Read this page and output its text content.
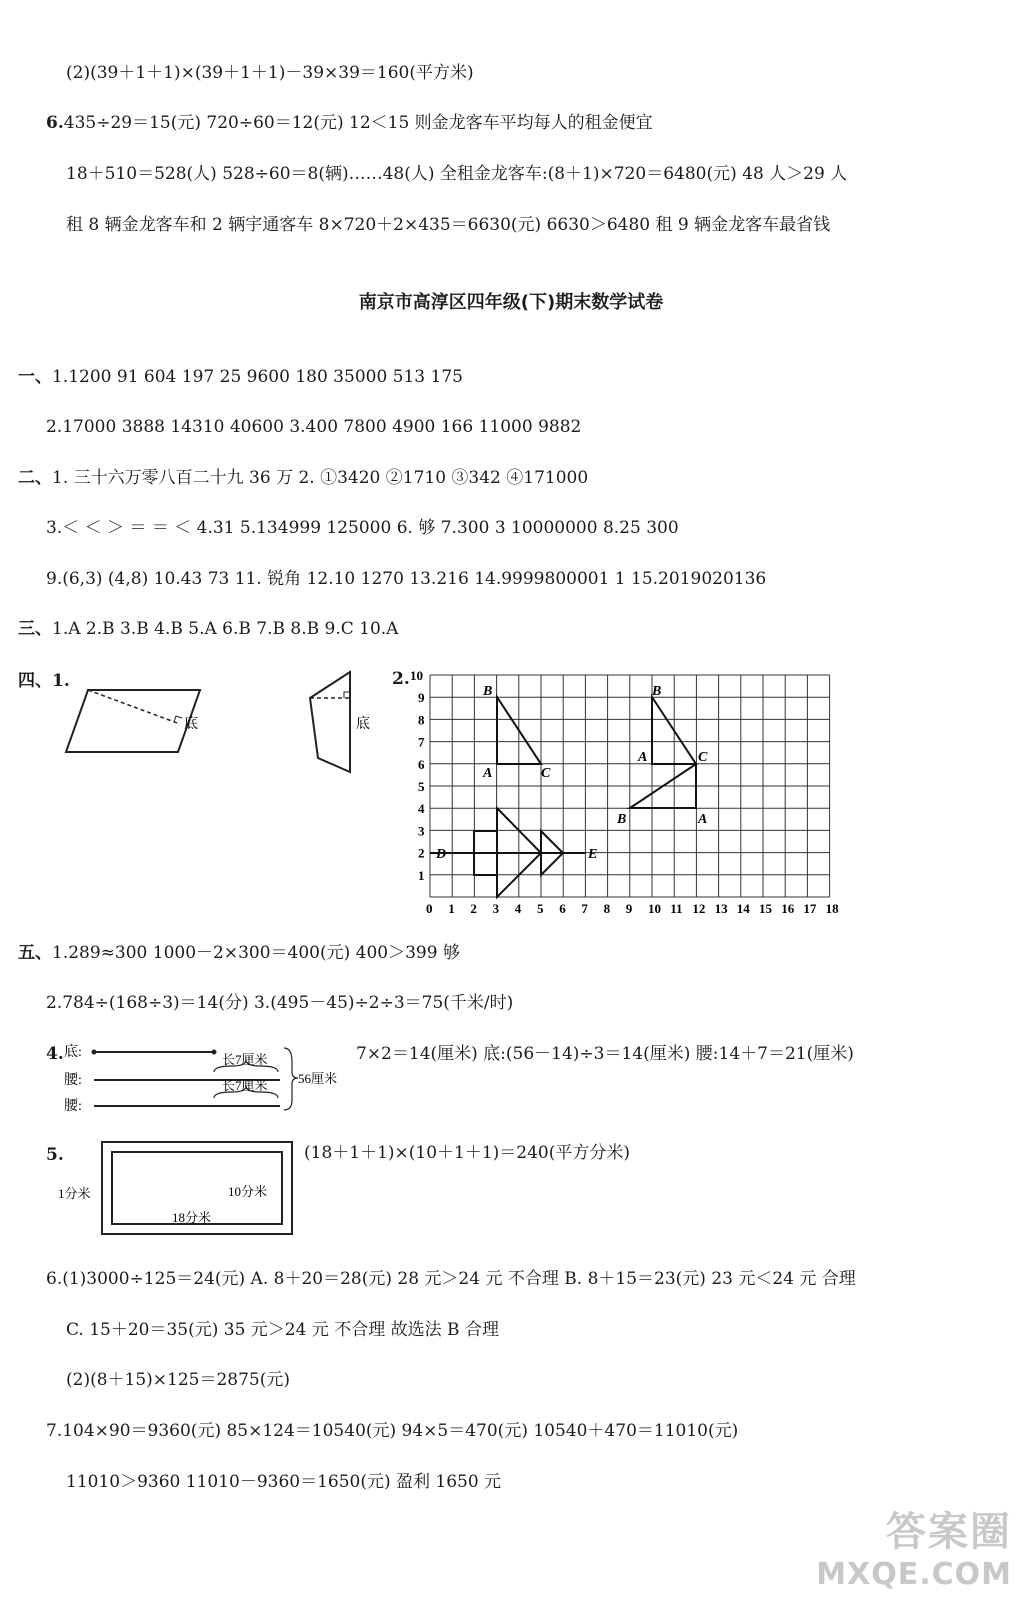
(2)(39＋1＋1)×(39＋1＋1)－39×39＝160(平方米)
6.435÷29＝15(元) 720÷60＝12(元) 12＜15 则金龙客车平均每人的租金便宜
18＋510＝528(人) 528÷60＝8(辆)……48(人) 全租金龙客车:(8＋1)×720＝6480(元) 48 人＞29 人
租 8 辆金龙客车和 2 辆宇通客车 8×720＋2×435＝6630(元) 6630＞6480 租 9 辆金龙客车最省钱
南京市高淳区四年级(下)期末数学试卷
一、1.1200 91 604 197 25 9600 180 35000 513 175
2.17000 3888 14310 40600 3.400 7800 4900 166 11000 9882
二、1. 三十六万零八百二十九 36 万 2. ①3420 ②1710 ③342 ④171000
3.＜ ＜ ＞ ＝ ＝ ＜ 4.31 5.134999 125000 6. 够 7.300 3 10000000 8.25 300
9.(6,3) (4,8) 10.43 73 11. 锐角 12.10 1270 13.216 14.9999800001 1 15.2019020136
三、1.A 2.B 3.B 4.B 5.A 6.B 7.B 8.B 9.C 10.A
四、1.
底	底
2.
0 1 2 3 4 5 6 7 8 9 10 11 12 13 14 15 16 17 18
1
2
3
4
5
6
7
8
9
10
B
A	C
B
A	C
B	A
D	E
五、1.289≈300 1000－2×300＝400(元) 400＞399 够
2.784÷(168÷3)＝14(分) 3.(495－45)÷2÷3＝75(千米/时)
4. 底:
腰:
腰:
长7厘米
长7厘米 56厘米
7×2＝14(厘米) 底:(56－14)÷3＝14(厘米) 腰:14＋7＝21(厘米)
5.
1分米	10分米
18分米
(18＋1＋1)×(10＋1＋1)＝240(平方分米)
6.(1)3000÷125＝24(元) A. 8＋20＝28(元) 28 元＞24 元 不合理 B. 8＋15＝23(元) 23 元＜24 元 合理
C. 15＋20＝35(元) 35 元＞24 元 不合理 故选法 B 合理
(2)(8＋15)×125＝2875(元)
7.104×90＝9360(元) 85×124＝10540(元) 94×5＝470(元) 10540＋470＝11010(元)
11010＞9360 11010－9360＝1650(元) 盈利 1650 元
答案圈
MXQE.COM
